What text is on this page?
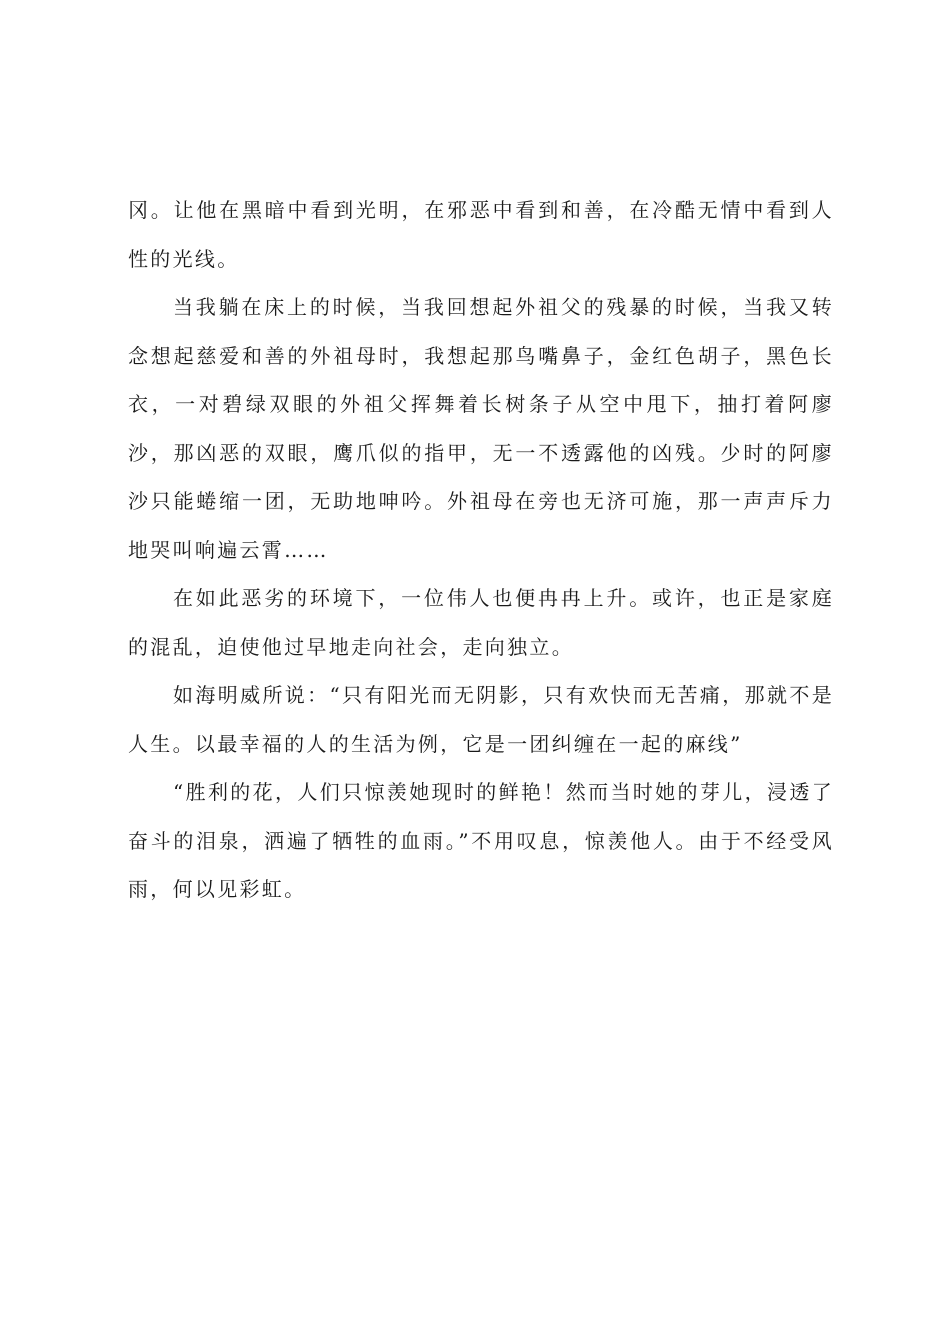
冈。让他在黑暗中看到光明，在邪恶中看到和善，在冷酷无情中看到人性的光线。

当我躺在床上的时候，当我回想起外祖父的残暴的时候，当我又转念想起慈爱和善的外祖母时，我想起那鸟嘴鼻子，金红色胡子，黑色长衣，一对碧绿双眼的外祖父挥舞着长树条子从空中甩下，抽打着阿廖沙，那凶恶的双眼，鹰爪似的指甲，无一不透露他的凶残。少时的阿廖沙只能蜷缩一团，无助地呻吟。外祖母在旁也无济可施，那一声声斥力地哭叫响遍云霄……

在如此恶劣的环境下，一位伟人也便冉冉上升。或许，也正是家庭的混乱，迫使他过早地走向社会，走向独立。

如海明威所说：“只有阳光而无阴影，只有欢快而无苦痛，那就不是人生。以最幸福的人的生活为例，它是一团纠缠在一起的麻线”

“胜利的花，人们只惊羡她现时的鲜艳！然而当时她的芽儿，浸透了奋斗的泪泉，洒遍了牺牲的血雨。”不用叹息，惊羡他人。由于不经受风雨，何以见彩虹。
